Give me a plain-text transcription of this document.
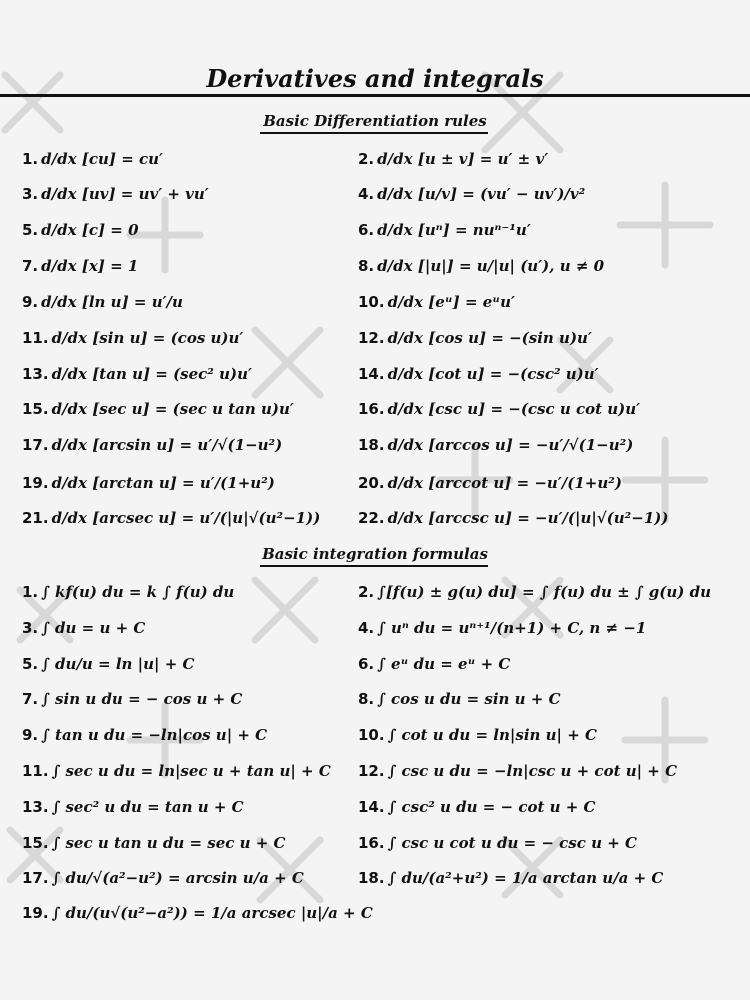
Derivatives and integrals
Basic Differentiation rules
1. d/dx [cu] = cu′	2. d/dx [u ± v] = u′ ± v′
3. d/dx [uv] = uv′ + vu′	4. d/dx [u/v] = (vu′ − uv′)/v²
5. d/dx [c] = 0	6. d/dx [uⁿ] = nuⁿ⁻¹u′
7. d/dx [x] = 1	8. d/dx [|u|] = u/|u| (u′), u ≠ 0
9. d/dx [ln u] = u′/u	10. d/dx [eᵘ] = eᵘu′
11. d/dx [sin u] = (cos u)u′	12. d/dx [cos u] = −(sin u)u′
13. d/dx [tan u] = (sec² u)u′	14. d/dx [cot u] = −(csc² u)u′
15. d/dx [sec u] = (sec u tan u)u′	16. d/dx [csc u] = −(csc u cot u)u′
17. d/dx [arcsin u] = u′/√(1−u²)	18. d/dx [arccos u] = −u′/√(1−u²)
19. d/dx [arctan u] = u′/(1+u²)	20. d/dx [arccot u] = −u′/(1+u²)
21. d/dx [arcsec u] = u′/(|u|√(u²−1))	22. d/dx [arccsc u] = −u′/(|u|√(u²−1))
Basic integration formulas
1. ∫ kf(u) du = k ∫ f(u) du	2. ∫[f(u) ± g(u) du] = ∫ f(u) du ± ∫ g(u) du
3. ∫ du = u + C	4. ∫ uⁿ du = uⁿ⁺¹/(n+1) + C, n ≠ −1
5. ∫ du/u = ln |u| + C	6. ∫ eᵘ du = eᵘ + C
7. ∫ sin u du = − cos u + C	8. ∫ cos u du = sin u + C
9. ∫ tan u du = −ln|cos u| + C	10. ∫ cot u du = ln|sin u| + C
11. ∫ sec u du = ln|sec u + tan u| + C 12. ∫ csc u du = −ln|csc u + cot u| + C
13. ∫ sec² u du = tan u + C	14. ∫ csc² u du = − cot u + C
15. ∫ sec u tan u du = sec u + C	16. ∫ csc u cot u du = − csc u + C
17. ∫ du/√(a²−u²) = arcsin u/a + C	18. ∫ du/(a²+u²) = 1/a arctan u/a + C
19. ∫ du/(u√(u²−a²)) = 1/a arcsec |u|/a + C
